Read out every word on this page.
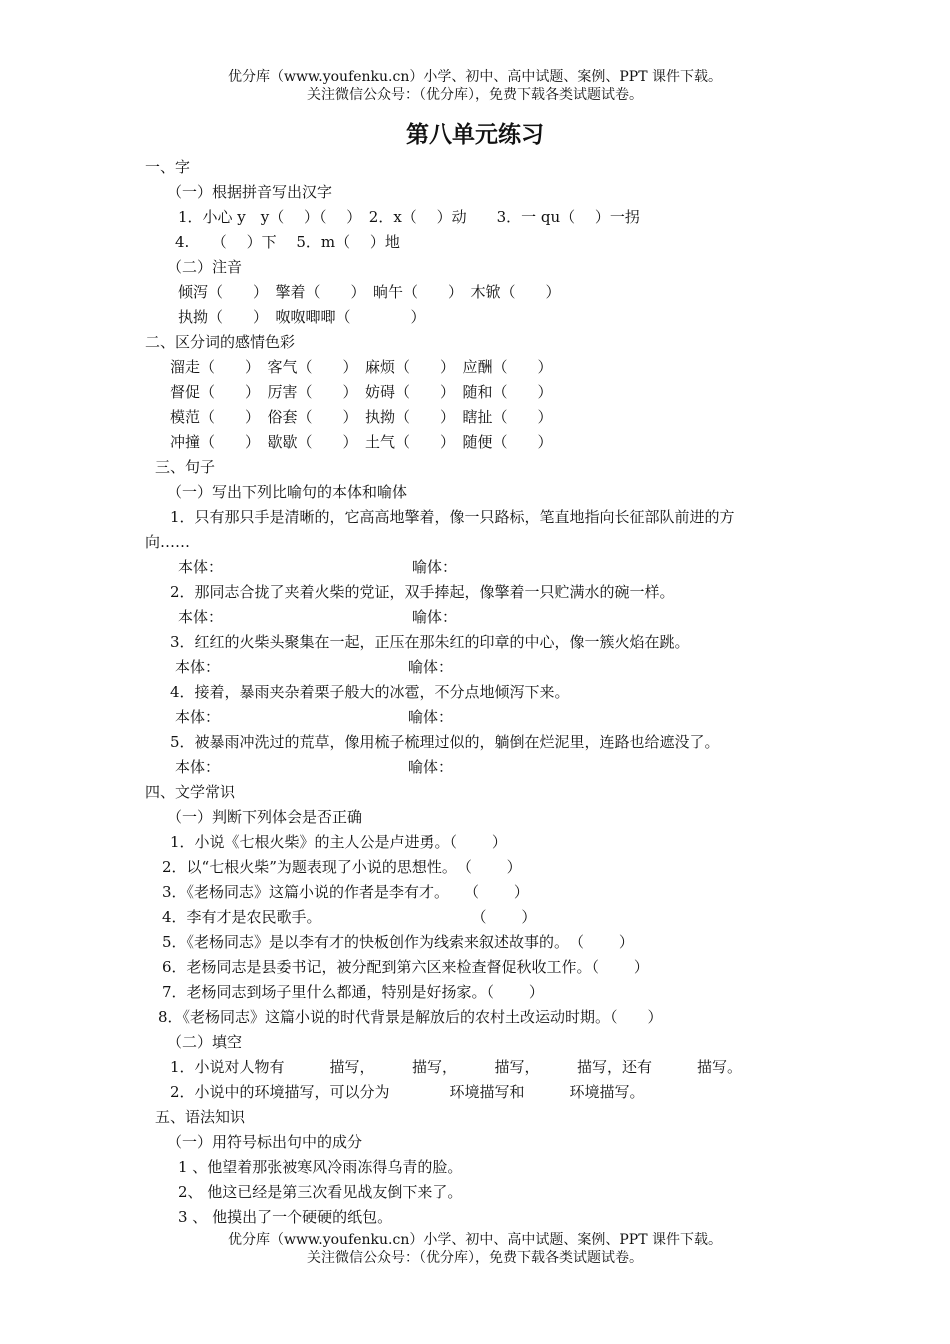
优分库（www.youfenku.cn）小学、初中、高中试题、案例、PPT 课件下载。
关注微信公众号：（优分库），免费下载各类试题试卷。
第八单元练习
一、字
（一）根据拼音写出汉字
1．小心 y　y（　 ）（　 ）　2．x（　 ）动　　3．一 qu（　 ）一拐
4.　　（　 ）下　 5．m（　 ）地
（二）注音
倾泻（　　）　擎着（　　）　晌午（　　）　木锨（　　）
执拗（　　）　呶呶唧唧（　　　　）
二、区分词的感情色彩
溜走（　　）　客气（　　）　麻烦（　　）　应酬（　　）
督促（　　）　厉害（　　）　妨碍（　　）　随和（　　）
模范（　　）　俗套（　　）　执拗（　　）　瞎扯（　　）
冲撞（　　）　歇歇（　　）　土气（　　）　随便（　　）
三、句子
（一）写出下列比喻句的本体和喻体
1．只有那只手是清晰的，它高高地擎着，像一只路标，笔直地指向长征部队前进的方
向……
本体：	喻体：
2．那同志合拢了夹着火柴的党证，双手捧起，像擎着一只贮满水的碗一样。
本体：	喻体：
3．红红的火柴头聚集在一起，正压在那朱红的印章的中心，像一簇火焰在跳。
本体：	喻体：
4．接着，暴雨夹杂着栗子般大的冰雹，不分点地倾泻下来。
本体：	喻体：
5．被暴雨冲洗过的荒草，像用梳子梳理过似的，躺倒在烂泥里，连路也给遮没了。
本体：	喻体：
四、文学常识
（一）判断下列体会是否正确
1．小说《七根火柴》的主人公是卢进勇。（　　 ）
2．以“七根火柴”为题表现了小说的思想性。　（　　 ）
3．《老杨同志》这篇小说的作者是李有才。　　（　　 ）
4．李有才是农民歌手。　　　　　　　　　　　（　　 ）
5．《老杨同志》是以李有才的快板创作为线索来叙述故事的。　（　　 ）
6．老杨同志是县委书记，被分配到第六区来检查督促秋收工作。（　　 ）
7．老杨同志到场子里什么都通，特别是好扬家。（　　 ）
8．《老杨同志》这篇小说的时代背景是解放后的农村土改运动时期。（　　）
（二）填空
1．小说对人物有　　　描写，　　　描写，　　　描写，　　　描写，还有　　　描写。
2．小说中的环境描写，可以分为　　　　环境描写和　　　环境描写。
五、语法知识
（一）用符号标出句中的成分
1 、他望着那张被寒风冷雨冻得乌青的脸。
2、 他这已经是第三次看见战友倒下来了。
3 、 他摸出了一个硬硬的纸包。
优分库（www.youfenku.cn）小学、初中、高中试题、案例、PPT 课件下载。
关注微信公众号：（优分库），免费下载各类试题试卷。
